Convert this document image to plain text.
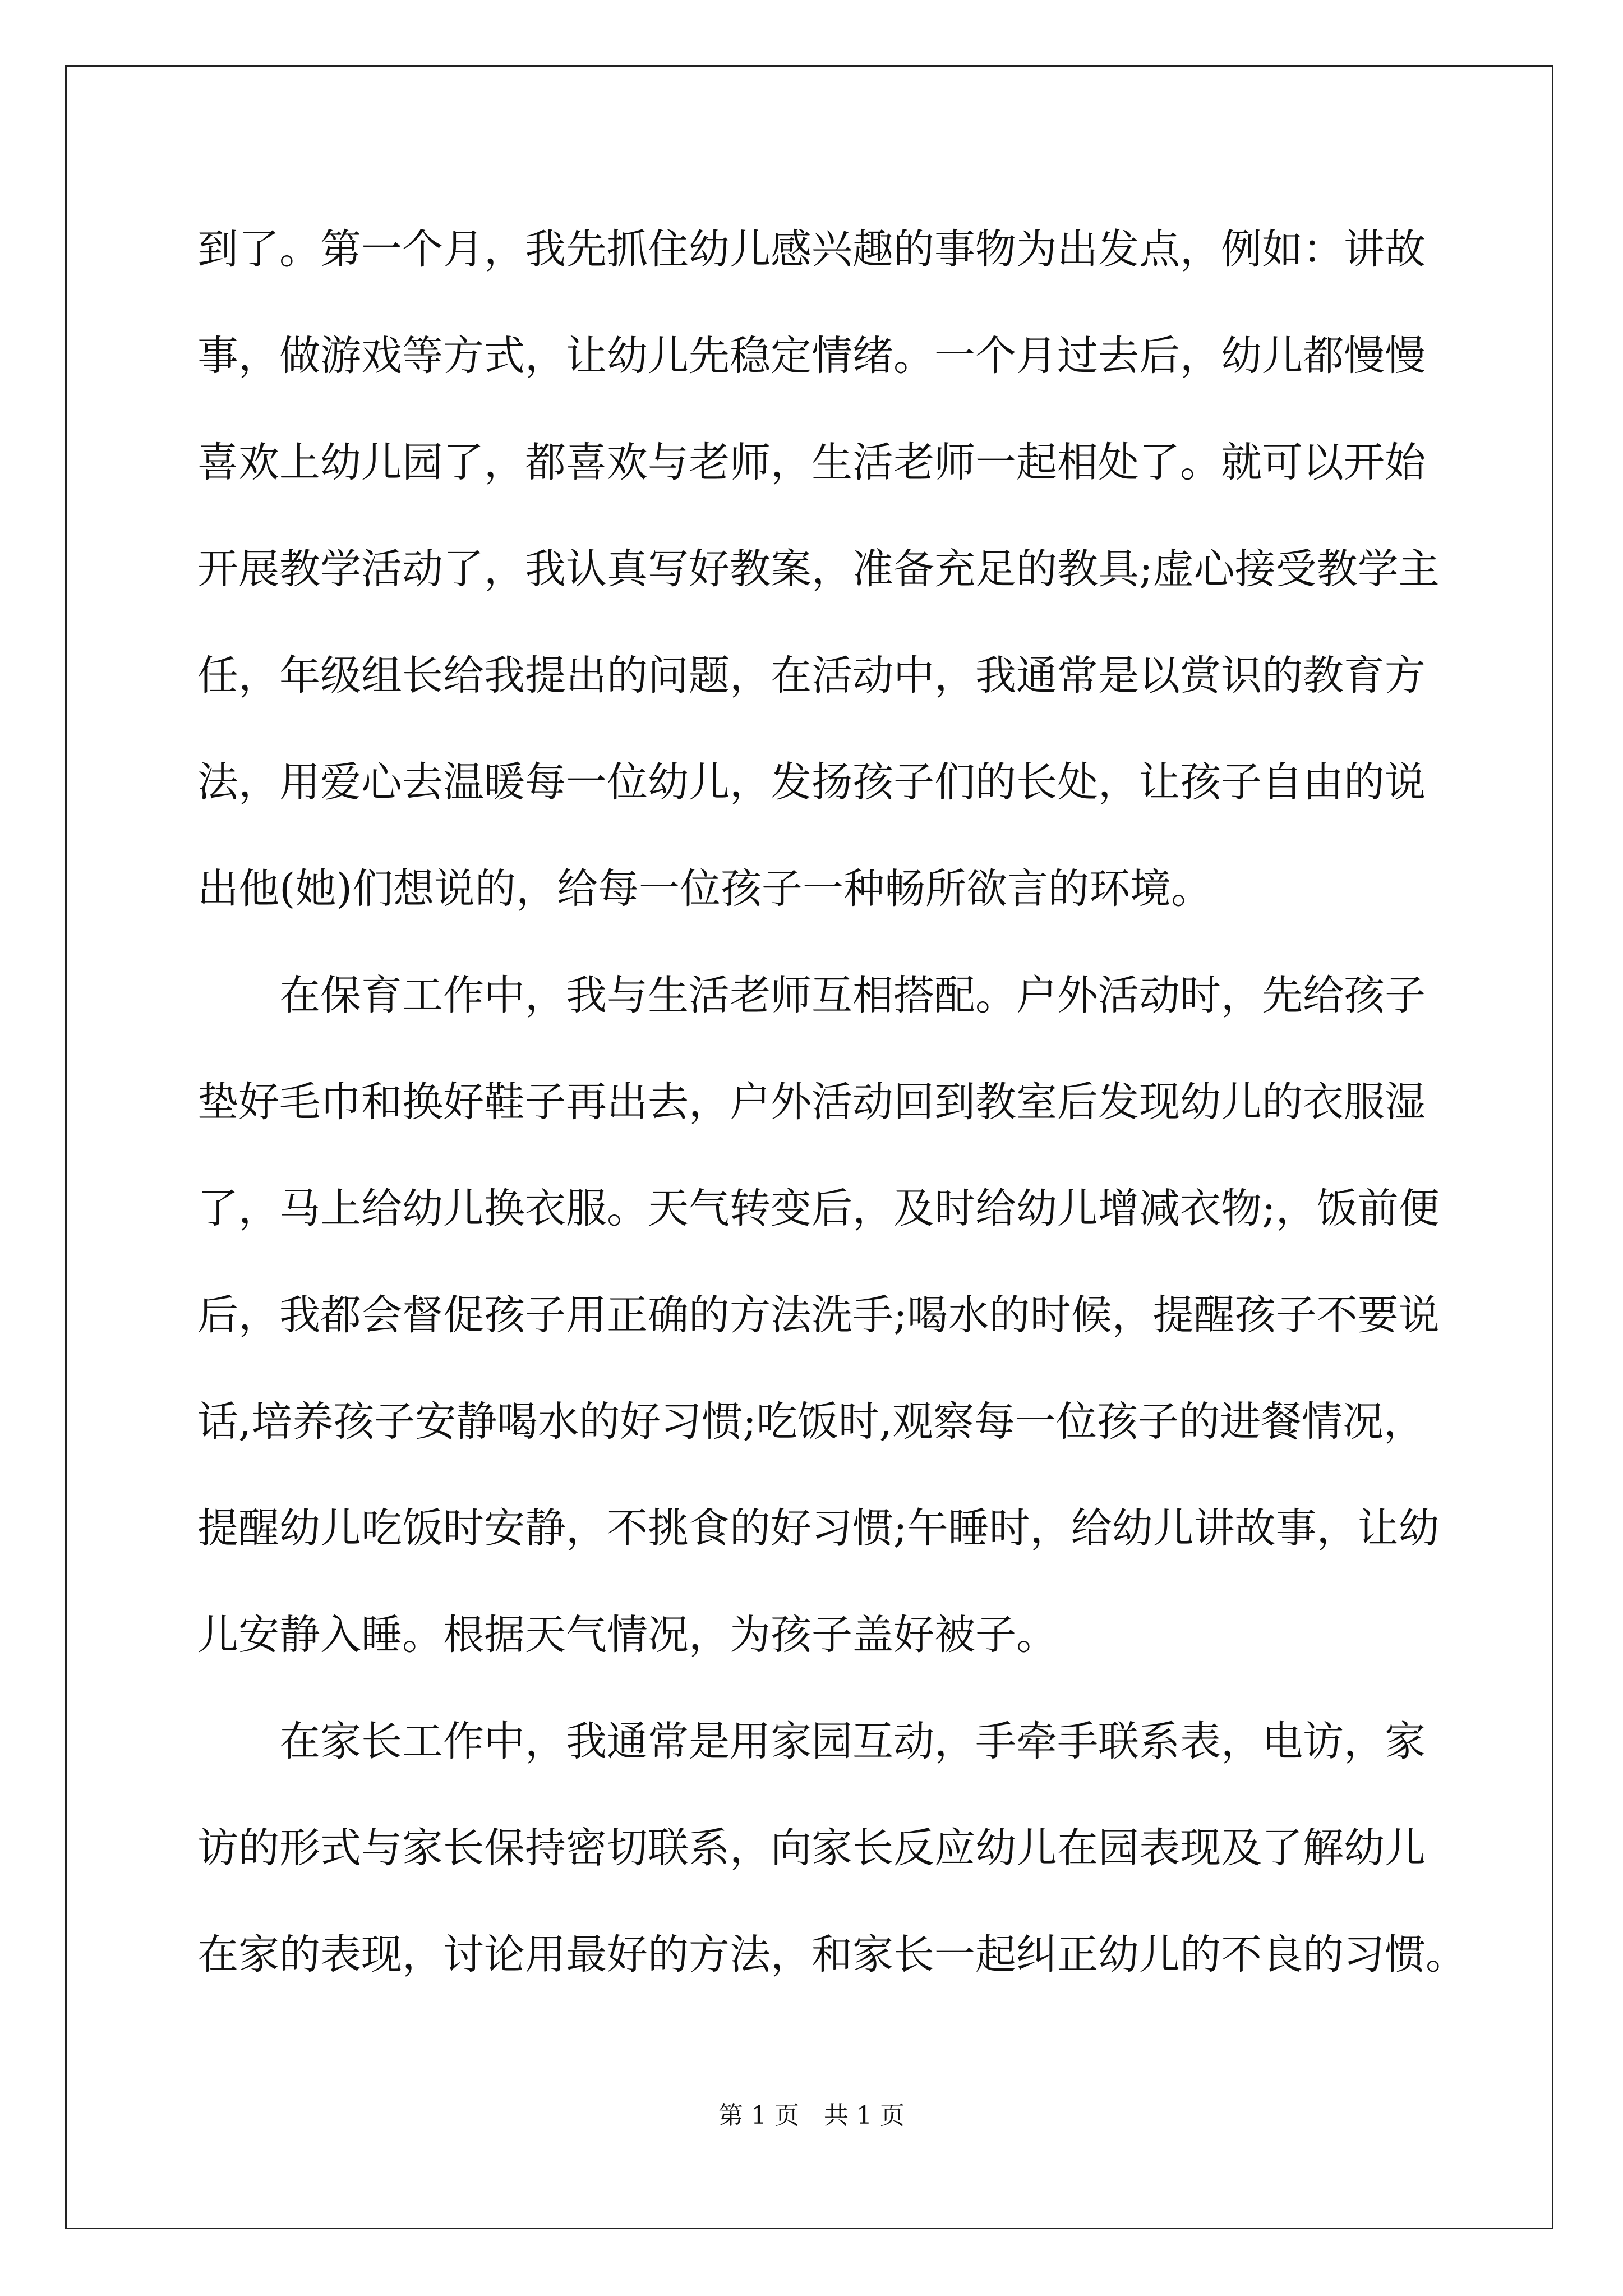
到了。第一个月，我先抓住幼儿感兴趣的事物为出发点，例如：讲故
事，做游戏等方式，让幼儿先稳定情绪。一个月过去后，幼儿都慢慢
喜欢上幼儿园了，都喜欢与老师，生活老师一起相处了。就可以开始
开展教学活动了，我认真写好教案，准备充足的教具;虚心接受教学主
任，年级组长给我提出的问题，在活动中，我通常是以赏识的教育方
法，用爱心去温暖每一位幼儿，发扬孩子们的长处，让孩子自由的说
出他(她)们想说的，给每一位孩子一种畅所欲言的环境。
　　在保育工作中，我与生活老师互相搭配。户外活动时，先给孩子
垫好毛巾和换好鞋子再出去，户外活动回到教室后发现幼儿的衣服湿
了，马上给幼儿换衣服。天气转变后，及时给幼儿增减衣物;，饭前便
后，我都会督促孩子用正确的方法洗手;喝水的时候，提醒孩子不要说
话,培养孩子安静喝水的好习惯;吃饭时,观察每一位孩子的进餐情况，
提醒幼儿吃饭时安静，不挑食的好习惯;午睡时，给幼儿讲故事，让幼
儿安静入睡。根据天气情况，为孩子盖好被子。
　　在家长工作中，我通常是用家园互动，手牵手联系表，电访，家
访的形式与家长保持密切联系，向家长反应幼儿在园表现及了解幼儿
在家的表现，讨论用最好的方法，和家长一起纠正幼儿的不良的习惯。
第 1 页　共 1 页
